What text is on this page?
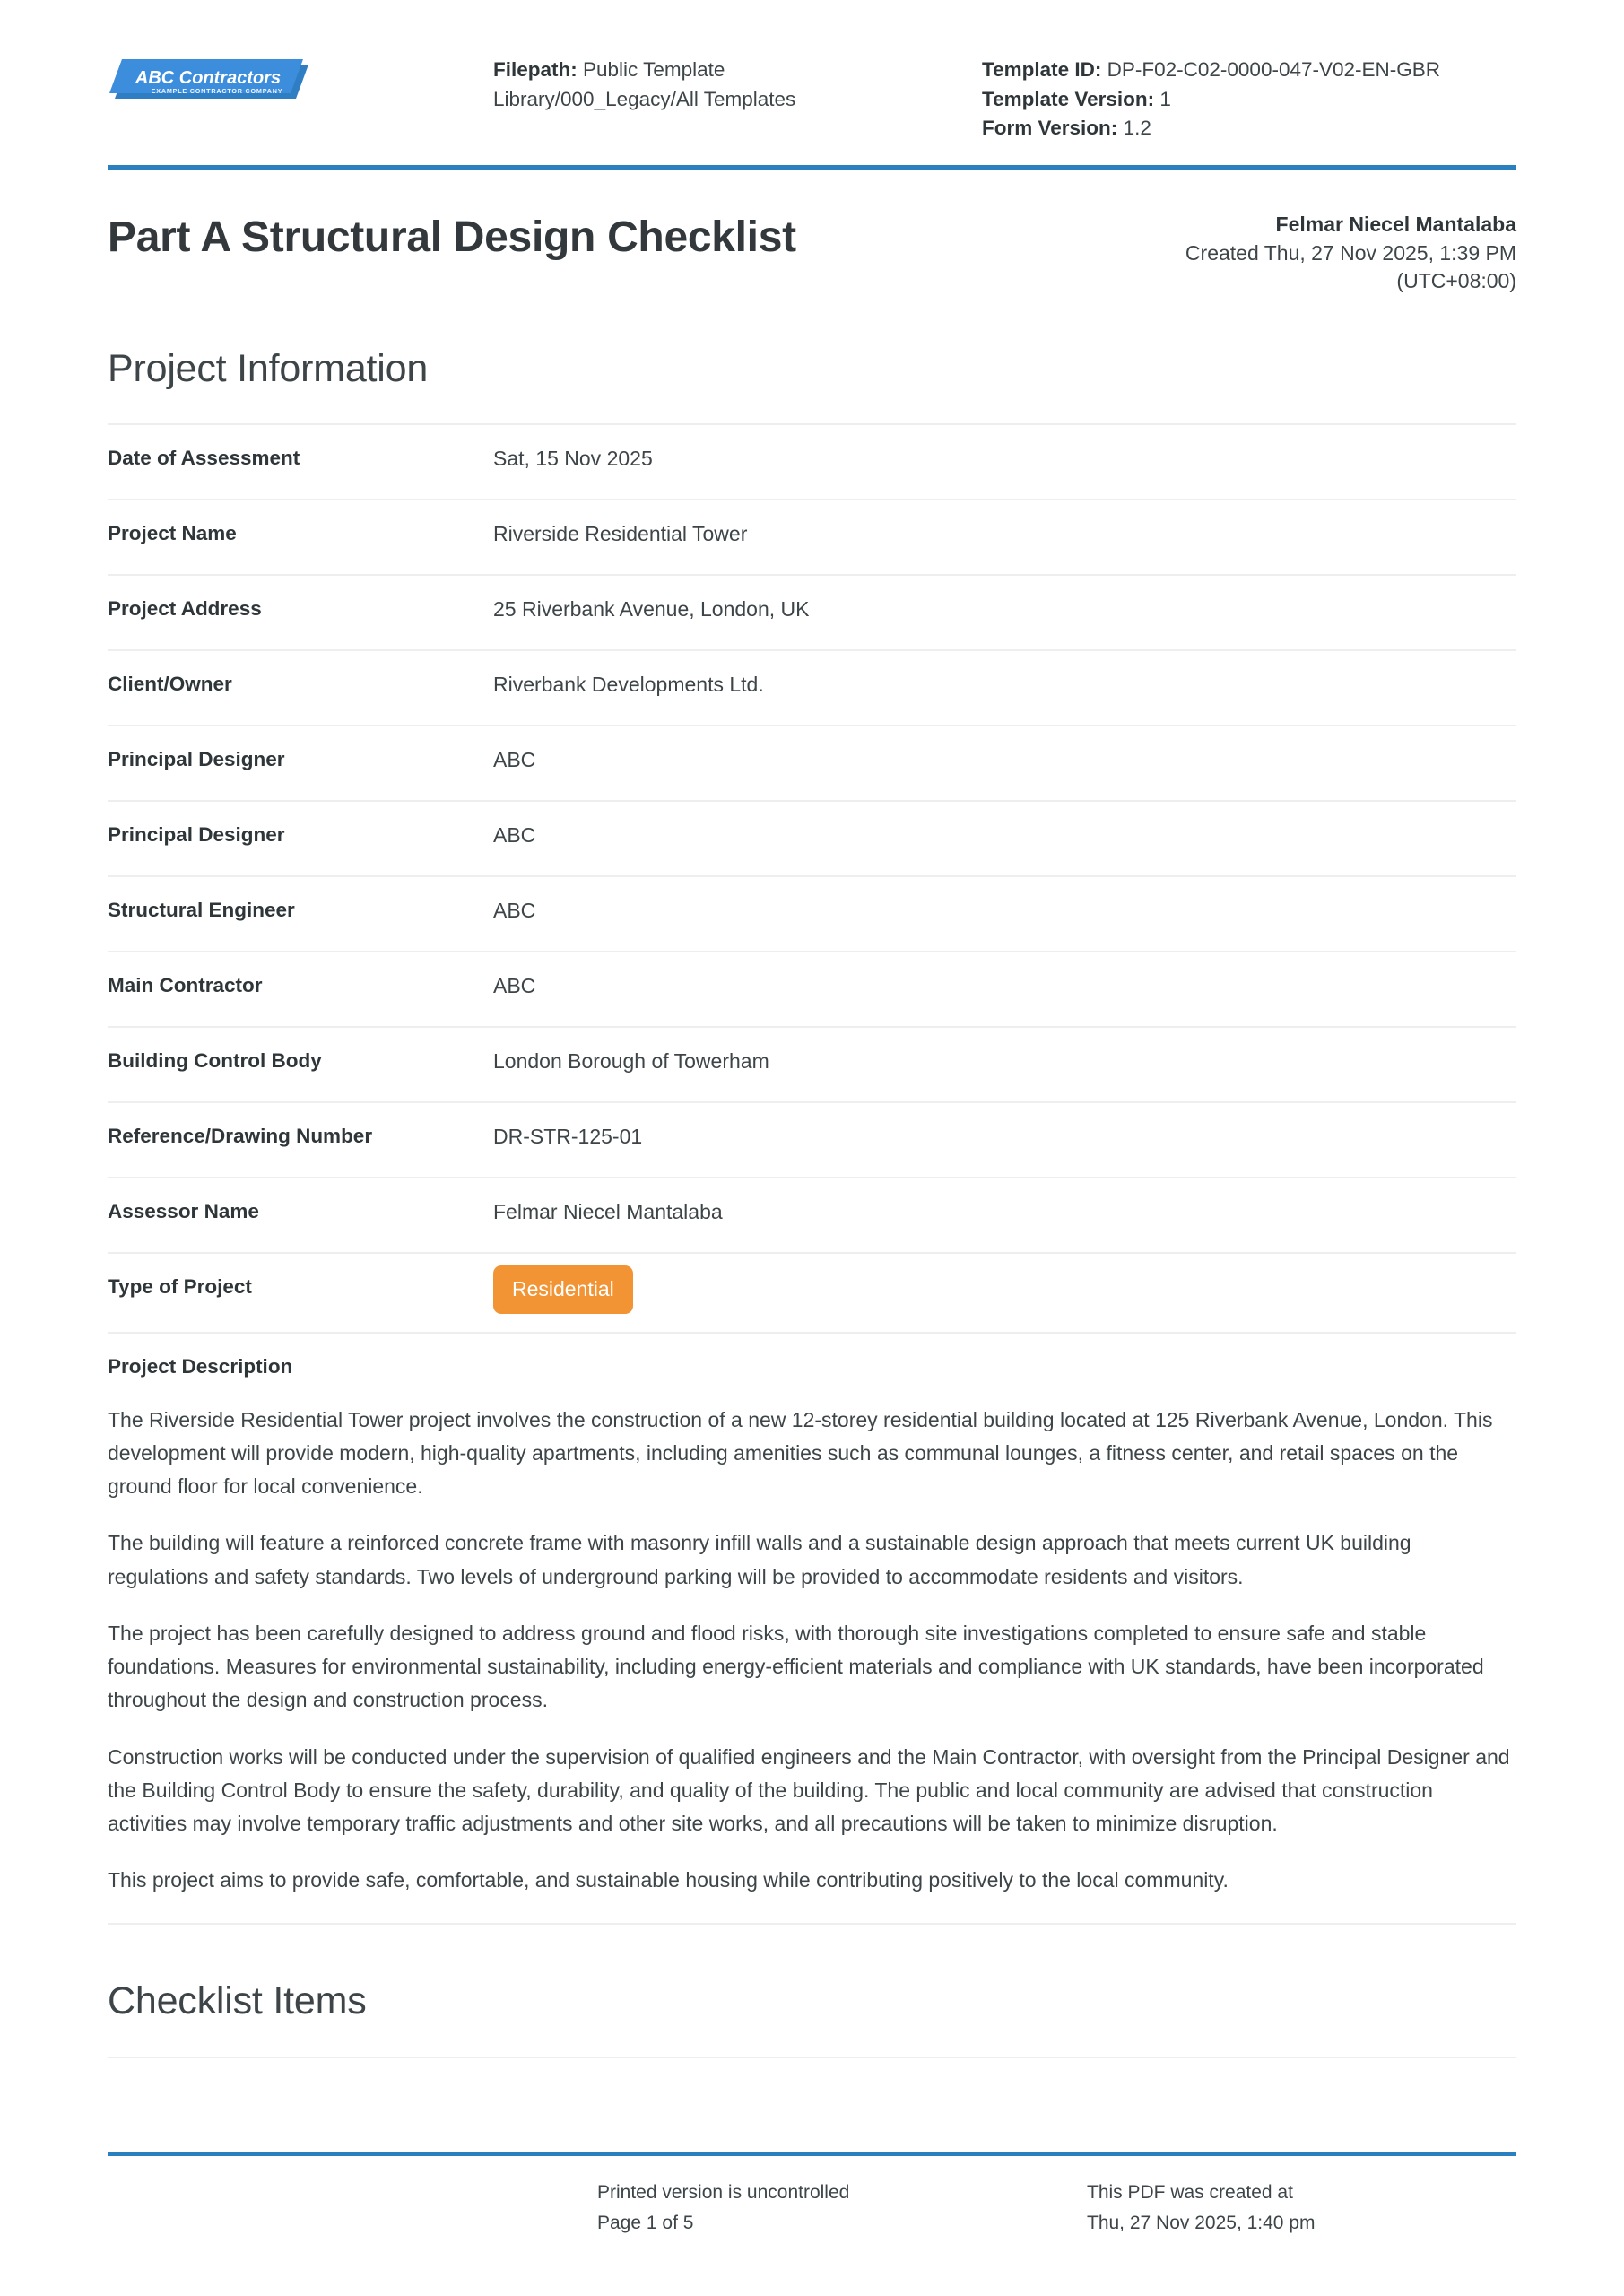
ABC Contractors
EXAMPLE CONTRACTOR COMPANY
Filepath: Public Template Library/000_Legacy/All Templates
Template ID: DP-F02-C02-0000-047-V02-EN-GBR
Template Version: 1
Form Version: 1.2
Part A Structural Design Checklist	Felmar Niecel Mantalaba
Created Thu, 27 Nov 2025, 1:39 PM
(UTC+08:00)
Project Information
Date of Assessment	Sat, 15 Nov 2025
Project Name	Riverside Residential Tower
Project Address	25 Riverbank Avenue, London, UK
Client/Owner	Riverbank Developments Ltd.
Principal Designer	ABC
Principal Designer	ABC
Structural Engineer	ABC
Main Contractor	ABC
Building Control Body	London Borough of Towerham
Reference/Drawing Number	DR-STR-125-01
Assessor Name	Felmar Niecel Mantalaba
Type of Project	Residential
Project Description

The Riverside Residential Tower project involves the construction of a new 12-storey residential building located at 125 Riverbank Avenue, London. This development will provide modern, high-quality apartments, including amenities such as communal lounges, a fitness center, and retail spaces on the ground floor for local convenience.

The building will feature a reinforced concrete frame with masonry infill walls and a sustainable design approach that meets current UK building regulations and safety standards. Two levels of underground parking will be provided to accommodate residents and visitors.

The project has been carefully designed to address ground and flood risks, with thorough site investigations completed to ensure safe and stable foundations. Measures for environmental sustainability, including energy-efficient materials and compliance with UK standards, have been incorporated throughout the design and construction process.

Construction works will be conducted under the supervision of qualified engineers and the Main Contractor, with oversight from the Principal Designer and the Building Control Body to ensure the safety, durability, and quality of the building. The public and local community are advised that construction activities may involve temporary traffic adjustments and other site works, and all precautions will be taken to minimize disruption.

This project aims to provide safe, comfortable, and sustainable housing while contributing positively to the local community.

Checklist Items
Printed version is uncontrolled
Page 1 of 5
This PDF was created at
Thu, 27 Nov 2025, 1:40 pm
